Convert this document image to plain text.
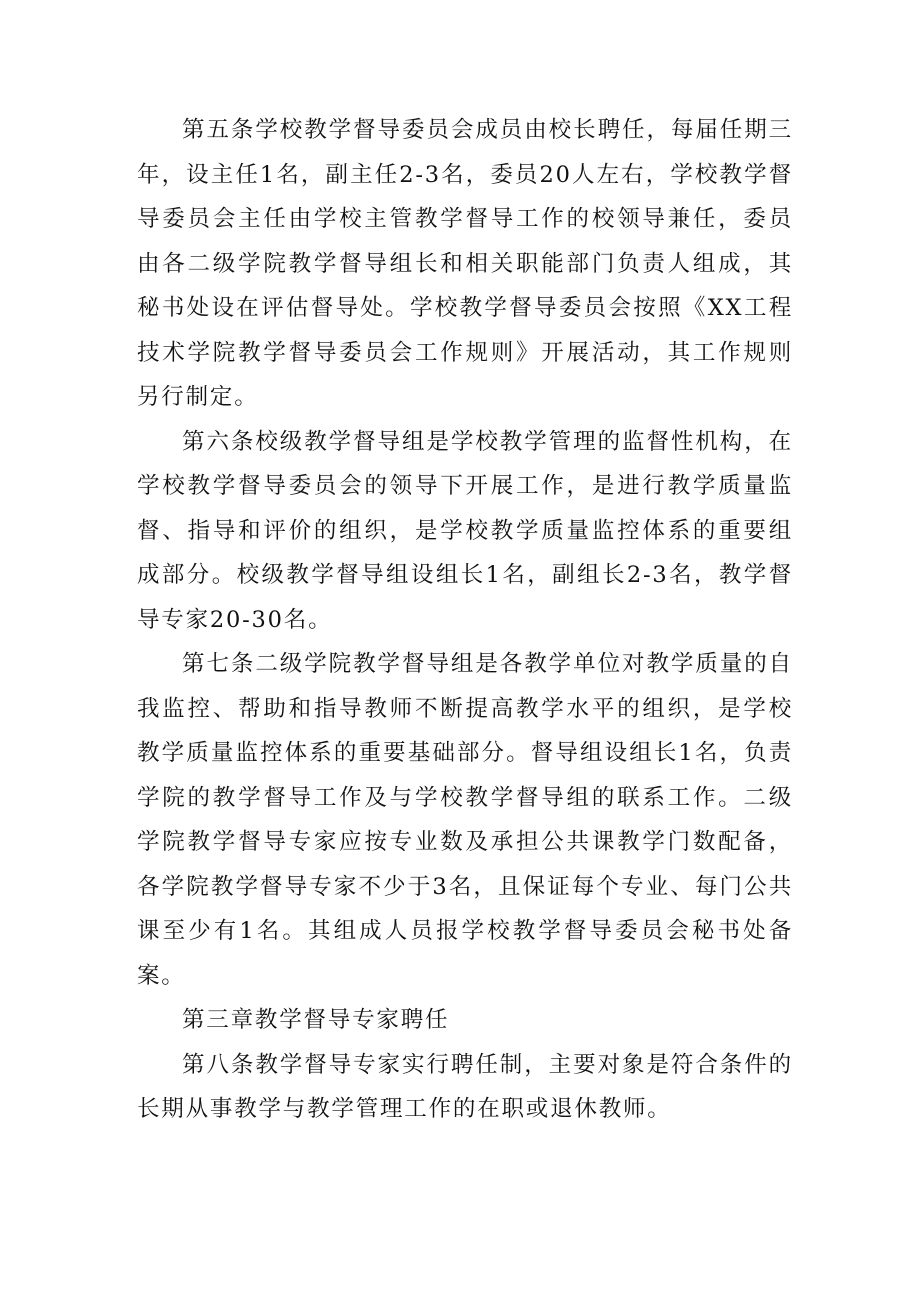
第五条学校教学督导委员会成员由校长聘任，每届任期三年，设主任1名，副主任2-3名，委员20人左右，学校教学督导委员会主任由学校主管教学督导工作的校领导兼任，委员由各二级学院教学督导组长和相关职能部门负责人组成，其秘书处设在评估督导处。学校教学督导委员会按照《XX工程技术学院教学督导委员会工作规则》开展活动，其工作规则另行制定。

第六条校级教学督导组是学校教学管理的监督性机构，在学校教学督导委员会的领导下开展工作，是进行教学质量监督、指导和评价的组织，是学校教学质量监控体系的重要组成部分。校级教学督导组设组长1名，副组长2-3名，教学督导专家20-30名。

第七条二级学院教学督导组是各教学单位对教学质量的自我监控、帮助和指导教师不断提高教学水平的组织，是学校教学质量监控体系的重要基础部分。督导组设组长1名，负责学院的教学督导工作及与学校教学督导组的联系工作。二级学院教学督导专家应按专业数及承担公共课教学门数配备，各学院教学督导专家不少于3名，且保证每个专业、每门公共课至少有1名。其组成人员报学校教学督导委员会秘书处备案。

第三章教学督导专家聘任

第八条教学督导专家实行聘任制，主要对象是符合条件的长期从事教学与教学管理工作的在职或退休教师。
